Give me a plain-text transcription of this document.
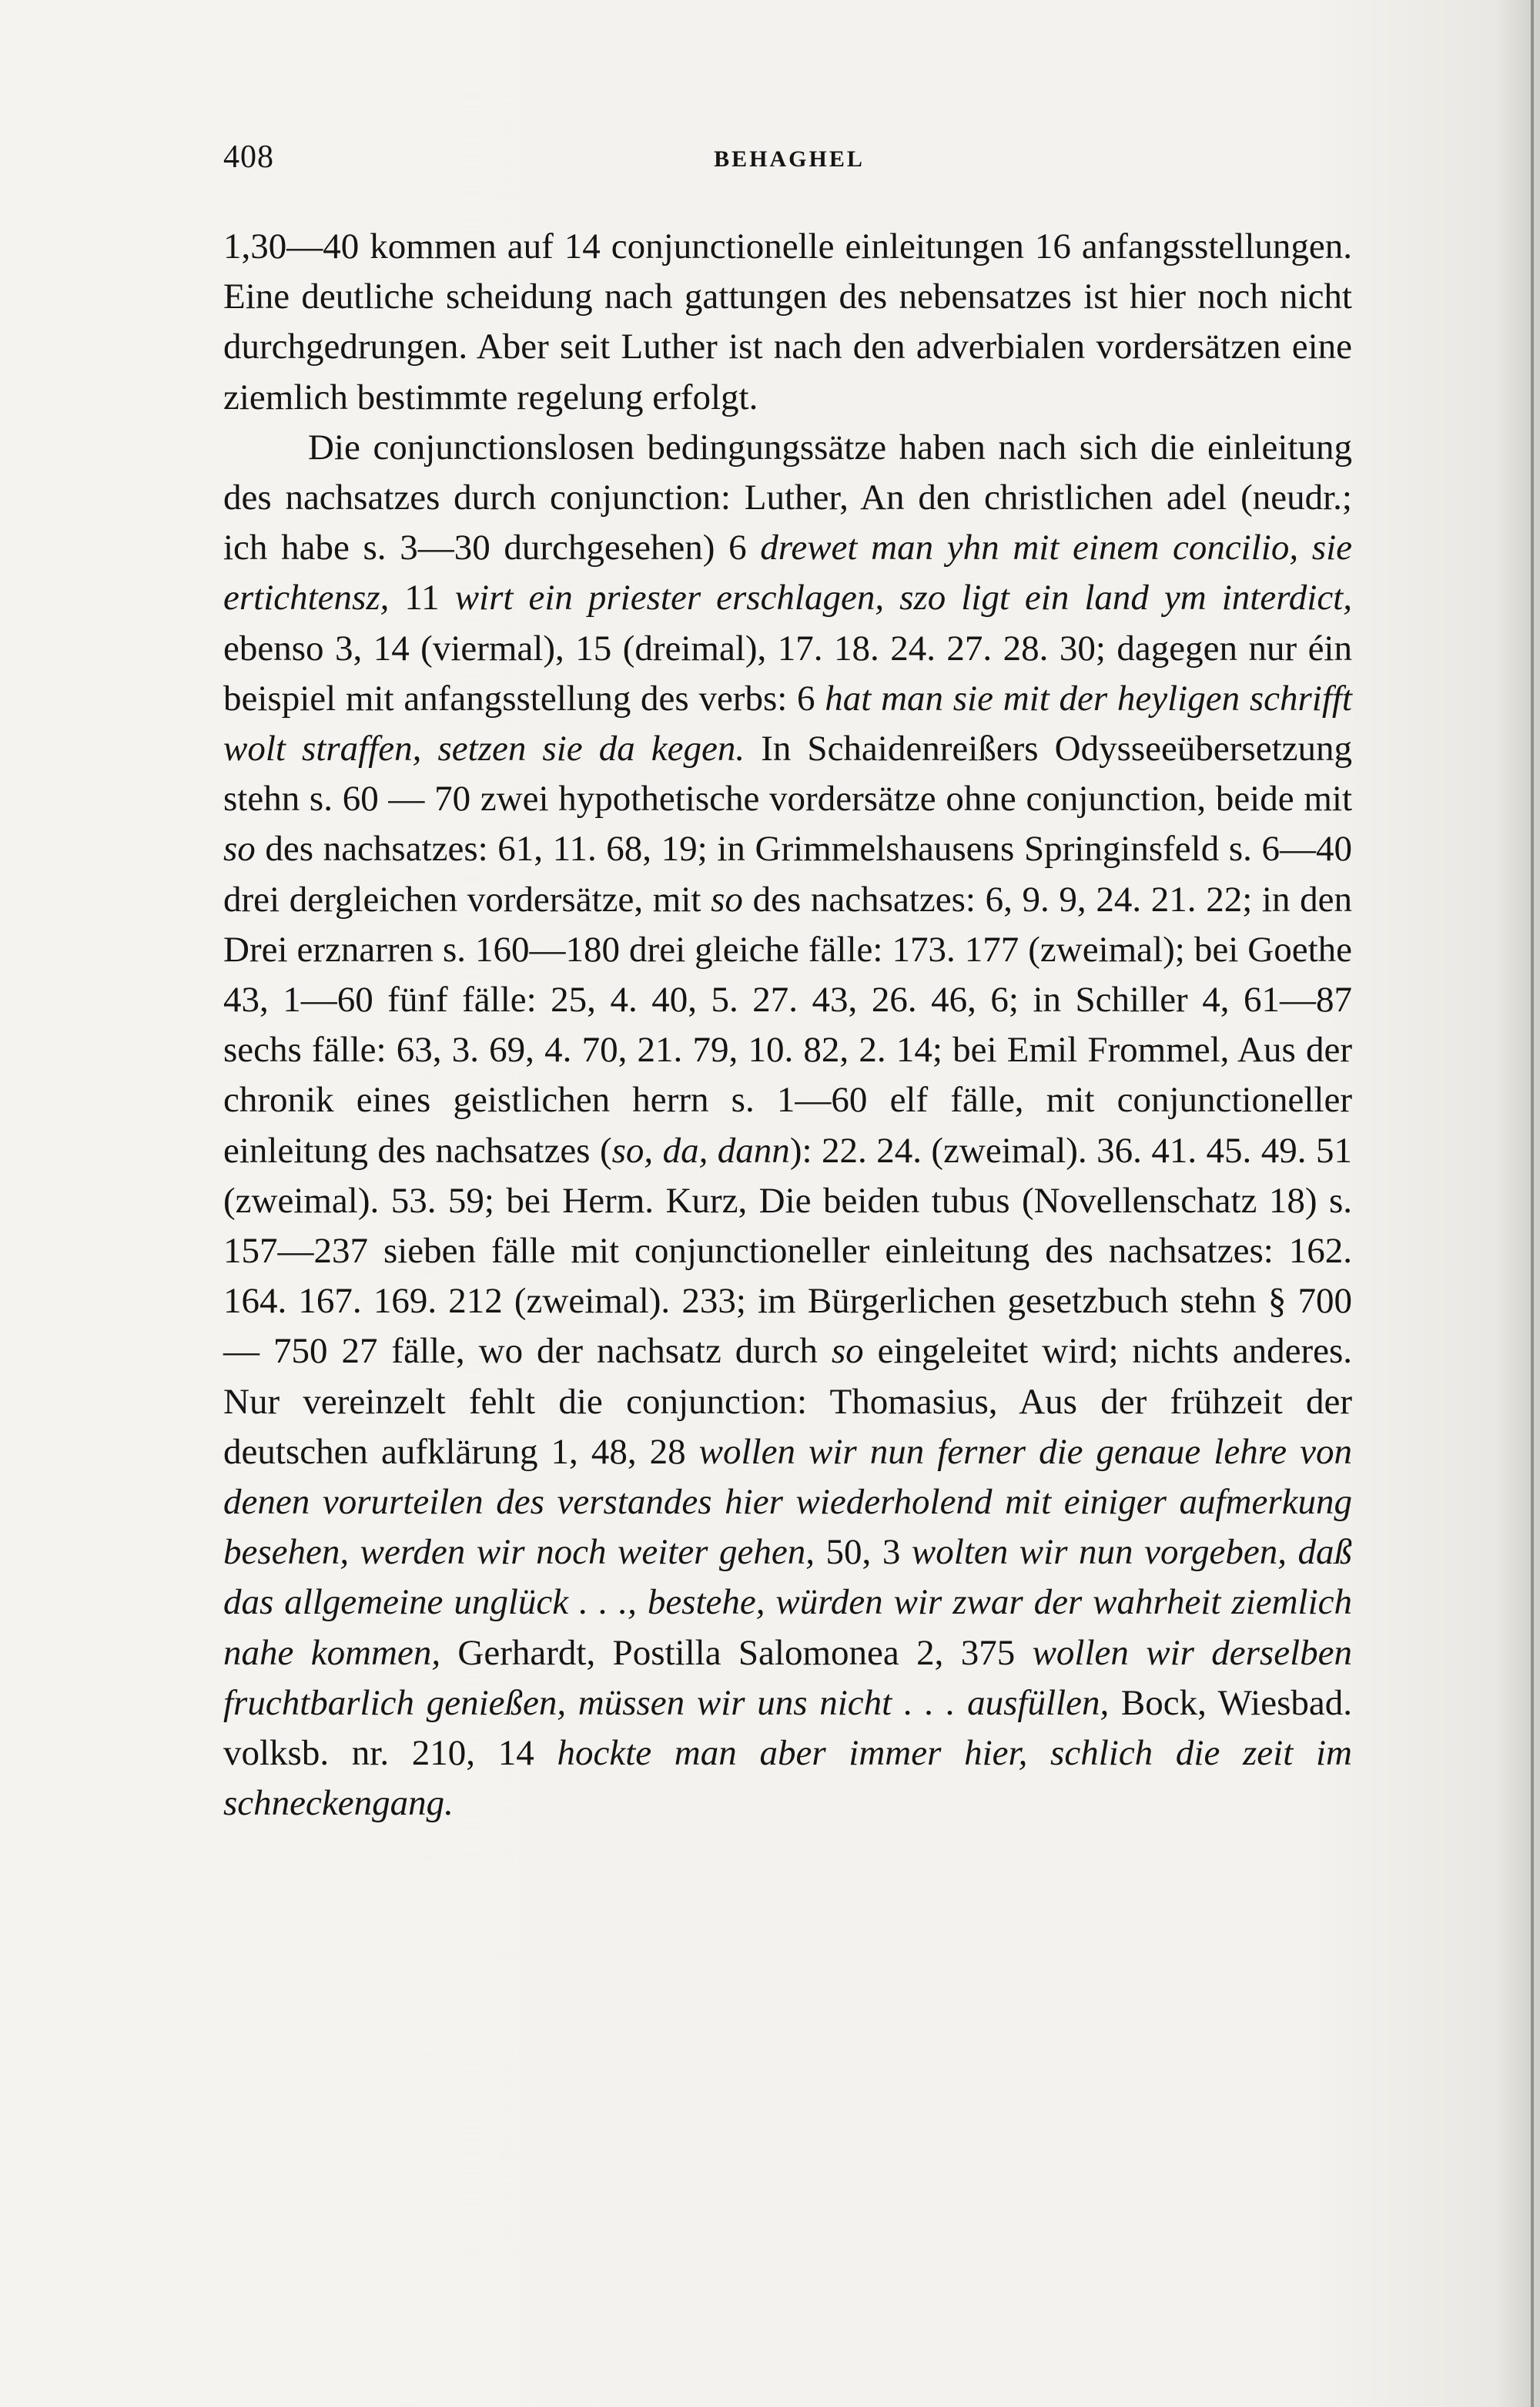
408	BEHAGHEL

1,30—40 kommen auf 14 conjunctionelle einleitungen 16 anfangsstellungen. Eine deutliche scheidung nach gattungen des nebensatzes ist hier noch nicht durchgedrungen. Aber seit Luther ist nach den adverbialen vordersätzen eine ziemlich bestimmte regelung erfolgt.

Die conjunctionslosen bedingungssätze haben nach sich die einleitung des nachsatzes durch conjunction: Luther, An den christlichen adel (neudr.; ich habe s. 3—30 durchgesehen) 6 drewet man yhn mit einem concilio, sie ertichtensz, 11 wirt ein priester erschlagen, szo ligt ein land ym interdict, ebenso 3, 14 (viermal), 15 (dreimal), 17. 18. 24. 27. 28. 30; dagegen nur éin beispiel mit anfangsstellung des verbs: 6 hat man sie mit der heyligen schrifft wolt straffen, setzen sie da kegen. In Schaidenreißers Odysseeübersetzung stehn s. 60 — 70 zwei hypothetische vordersätze ohne conjunction, beide mit so des nachsatzes: 61, 11. 68, 19; in Grimmelshausens Springinsfeld s. 6—40 drei dergleichen vordersätze, mit so des nachsatzes: 6, 9. 9, 24. 21. 22; in den Drei erznarren s. 160—180 drei gleiche fälle: 173. 177 (zweimal); bei Goethe 43, 1—60 fünf fälle: 25, 4. 40, 5. 27. 43, 26. 46, 6; in Schiller 4, 61—87 sechs fälle: 63, 3. 69, 4. 70, 21. 79, 10. 82, 2. 14; bei Emil Frommel, Aus der chronik eines geistlichen herrn s. 1—60 elf fälle, mit conjunctioneller einleitung des nachsatzes (so, da, dann): 22. 24. (zweimal). 36. 41. 45. 49. 51 (zweimal). 53. 59; bei Herm. Kurz, Die beiden tubus (Novellenschatz 18) s. 157—237 sieben fälle mit conjunctioneller einleitung des nachsatzes: 162. 164. 167. 169. 212 (zweimal). 233; im Bürgerlichen gesetzbuch stehn § 700 — 750 27 fälle, wo der nachsatz durch so eingeleitet wird; nichts anderes. Nur vereinzelt fehlt die conjunction: Thomasius, Aus der frühzeit der deutschen aufklärung 1, 48, 28 wollen wir nun ferner die genaue lehre von denen vorurteilen des verstandes hier wiederholend mit einiger aufmerkung besehen, werden wir noch weiter gehen, 50, 3 wolten wir nun vorgeben, daß das allgemeine unglück . . ., bestehe, würden wir zwar der wahrheit ziemlich nahe kommen, Gerhardt, Postilla Salomonea 2, 375 wollen wir derselben fruchtbarlich genießen, müssen wir uns nicht . . . ausfüllen, Bock, Wiesbad. volksb. nr. 210, 14 hockte man aber immer hier, schlich die zeit im schneckengang.
